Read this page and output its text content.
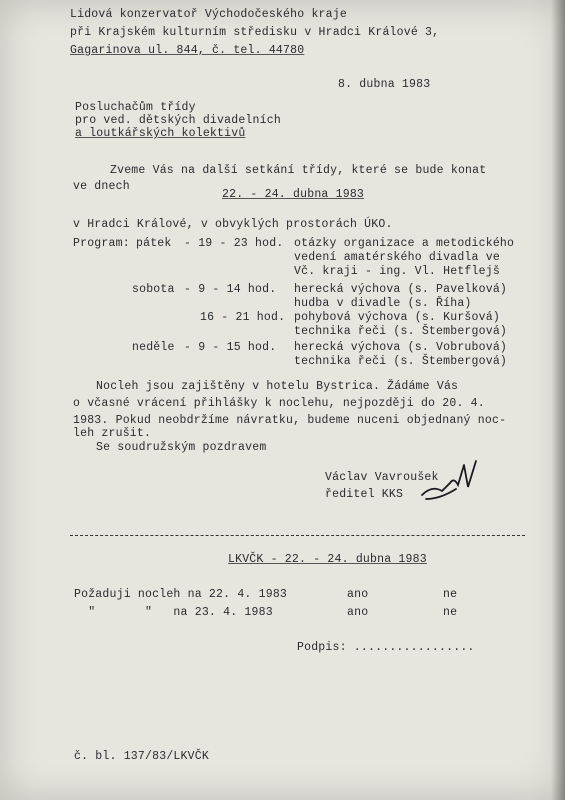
Lidová konzervatoř Východočeského kraje
při Krajském kulturním středisku v Hradci Králové 3,
Gagarinova ul. 844, č. tel. 44780
8. dubna 1983
Posluchačům třídy
pro ved. dětských divadelních
a loutkářských kolektivů
Zveme Vás na další setkání třídy, které se bude konat
ve dnech
22. - 24. dubna 1983
v Hradci Králové, v obvyklých prostorách ÚKO.
Program: pátek - 19 - 23 hod. otázky organizace a metodického
vedení amatérského divadla ve
Vč. kraji - ing. Vl. Hetflejš
sobota - 9 - 14 hod. herecká výchova (s. Pavelková)
hudba v divadle (s. Říha)
16 - 21 hod. pohybová výchova (s. Kuršová)
technika řeči (s. Štembergová)
neděle - 9 - 15 hod. herecká výchova (s. Vobrubová)
technika řeči (s. Štembergová)
Nocleh jsou zajištěny v hotelu Bystrica. Žádáme Vás
o včasné vrácení přihlášky k noclehu, nejpozději do 20. 4.
1983. Pokud neobdržíme návratku, budeme nuceni objednaný noc-
leh zrušit.
Se soudružským pozdravem
Václav Vavroušek
ředitel KKS
LKVČK - 22. - 24. dubna 1983
Požaduji nocleh na 22. 4. 1983	ano	ne
"       "   na 23. 4. 1983	ano	ne
Podpis: .................
č. bl. 137/83/LKVČK
